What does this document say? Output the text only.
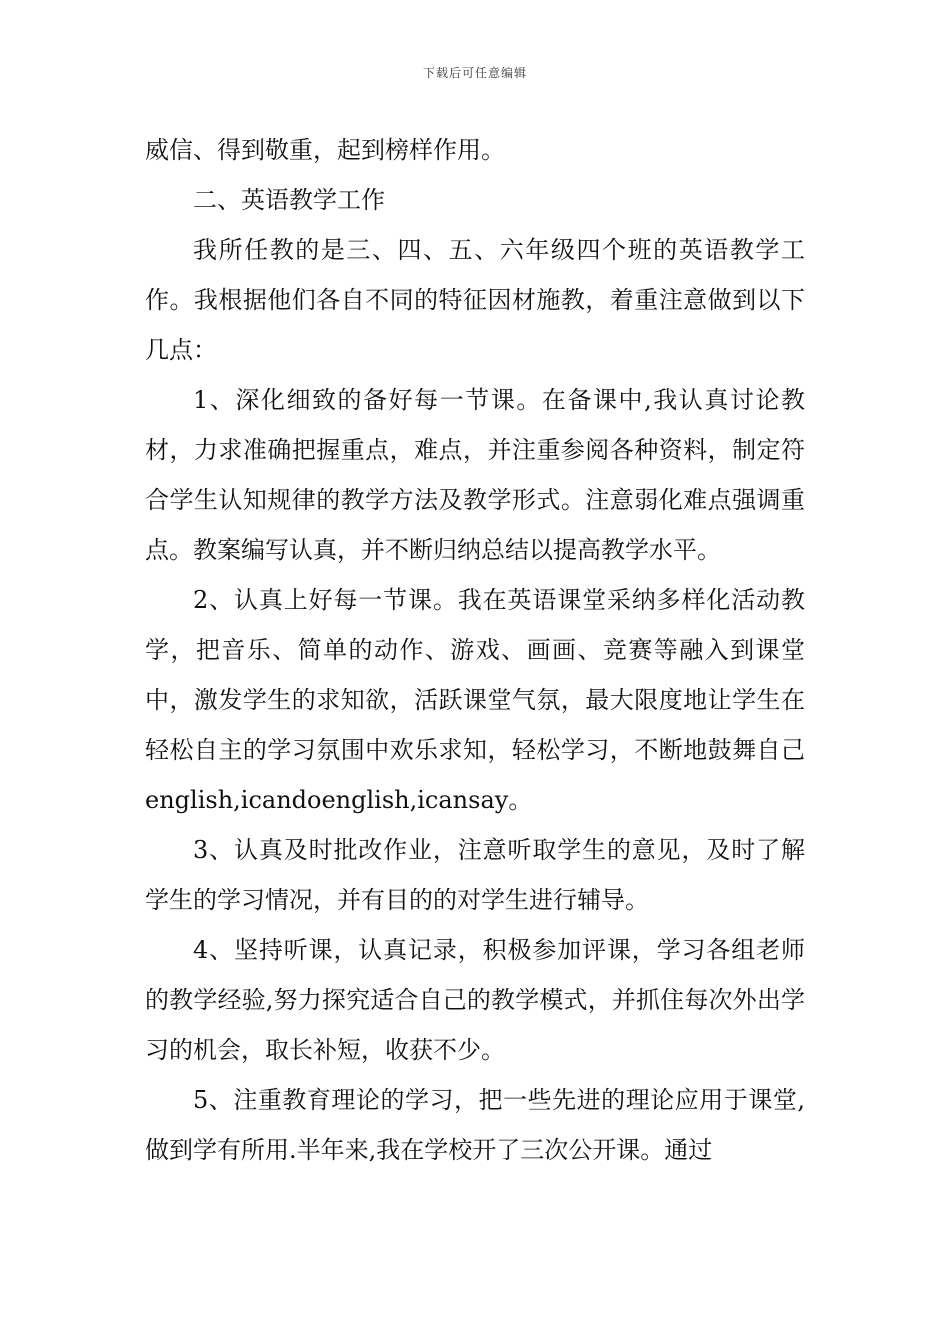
下载后可任意编辑

威信、得到敬重，起到榜样作用。

二、英语教学工作

我所任教的是三、四、五、六年级四个班的英语教学工作。我根据他们各自不同的特征因材施教，着重注意做到以下几点：

1、深化细致的备好每一节课。在备课中,我认真讨论教材，力求准确把握重点，难点，并注重参阅各种资料，制定符合学生认知规律的教学方法及教学形式。注意弱化难点强调重点。教案编写认真，并不断归纳总结以提高教学水平。

2、认真上好每一节课。我在英语课堂采纳多样化活动教学，把音乐、简单的动作、游戏、画画、竞赛等融入到课堂中，激发学生的求知欲，活跃课堂气氛，最大限度地让学生在轻松自主的学习氛围中欢乐求知，轻松学习，不断地鼓舞自己english,icandoenglish,icansay。

3、认真及时批改作业，注意听取学生的意见，及时了解学生的学习情况，并有目的的对学生进行辅导。

4、坚持听课，认真记录，积极参加评课，学习各组老师的教学经验,努力探究适合自己的教学模式，并抓住每次外出学习的机会，取长补短，收获不少。

5、注重教育理论的学习，把一些先进的理论应用于课堂,做到学有所用.半年来,我在学校开了三次公开课。通过
